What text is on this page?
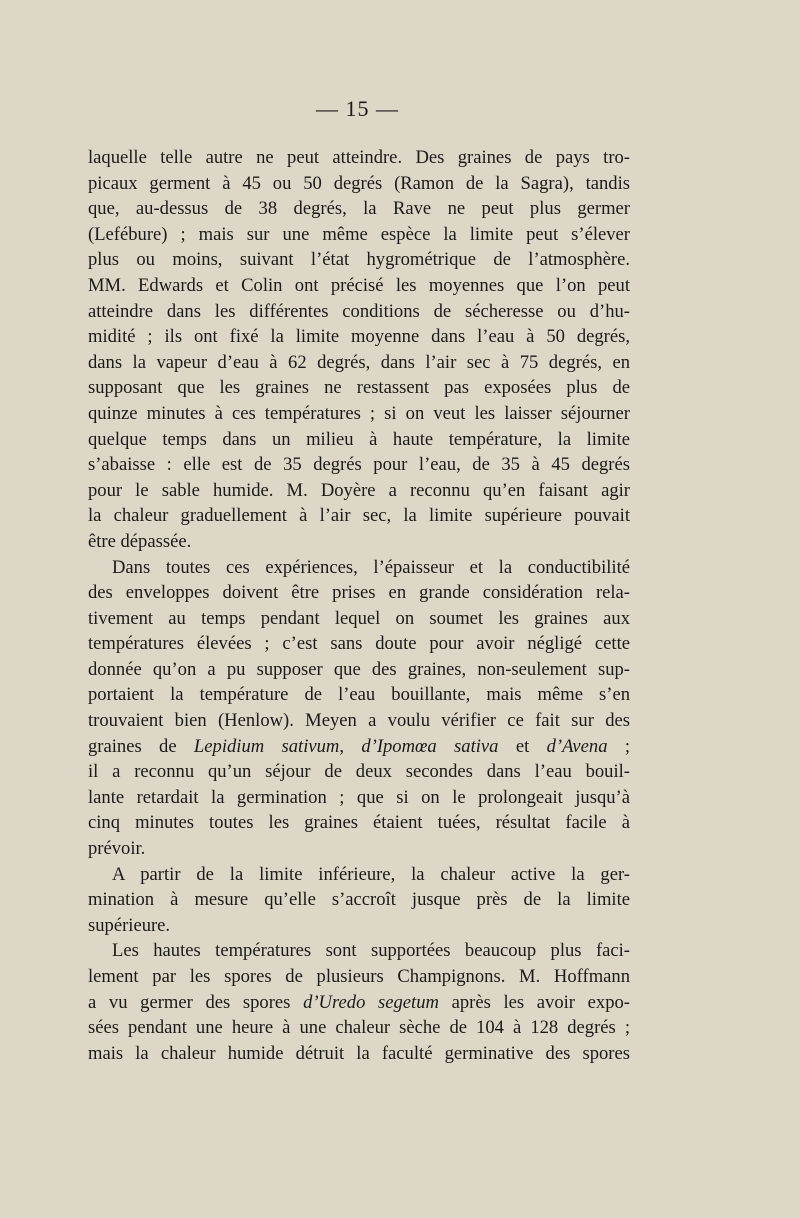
— 15 —
laquelle telle autre ne peut atteindre. Des graines de pays tro-
picaux germent à 45 ou 50 degrés (Ramon de la Sagra), tandis
que, au-dessus de 38 degrés, la Rave ne peut plus germer
(Lefébure) ; mais sur une même espèce la limite peut s’élever
plus ou moins, suivant l’état hygrométrique de l’atmosphère.
MM. Edwards et Colin ont précisé les moyennes que l’on peut
atteindre dans les différentes conditions de sécheresse ou d’hu-
midité ; ils ont fixé la limite moyenne dans l’eau à 50 degrés,
dans la vapeur d’eau à 62 degrés, dans l’air sec à 75 degrés, en
supposant que les graines ne restassent pas exposées plus de
quinze minutes à ces températures ; si on veut les laisser séjourner
quelque temps dans un milieu à haute température, la limite
s’abaisse : elle est de 35 degrés pour l’eau, de 35 à 45 degrés
pour le sable humide. M. Doyère a reconnu qu’en faisant agir
la chaleur graduellement à l’air sec, la limite supérieure pouvait
être dépassée.
Dans toutes ces expériences, l’épaisseur et la conductibilité
des enveloppes doivent être prises en grande considération rela-
tivement au temps pendant lequel on soumet les graines aux
températures élevées ; c’est sans doute pour avoir négligé cette
donnée qu’on a pu supposer que des graines, non-seulement sup-
portaient la température de l’eau bouillante, mais même s’en
trouvaient bien (Henlow). Meyen a voulu vérifier ce fait sur des
graines de Lepidium sativum, d’Ipomœa sativa et d’Avena ;
il a reconnu qu’un séjour de deux secondes dans l’eau bouil-
lante retardait la germination ; que si on le prolongeait jusqu’à
cinq minutes toutes les graines étaient tuées, résultat facile à
prévoir.
A partir de la limite inférieure, la chaleur active la ger-
mination à mesure qu’elle s’accroît jusque près de la limite
supérieure.
Les hautes températures sont supportées beaucoup plus faci-
lement par les spores de plusieurs Champignons. M. Hoffmann
a vu germer des spores d’Uredo segetum après les avoir expo-
sées pendant une heure à une chaleur sèche de 104 à 128 degrés ;
mais la chaleur humide détruit la faculté germinative des spores
